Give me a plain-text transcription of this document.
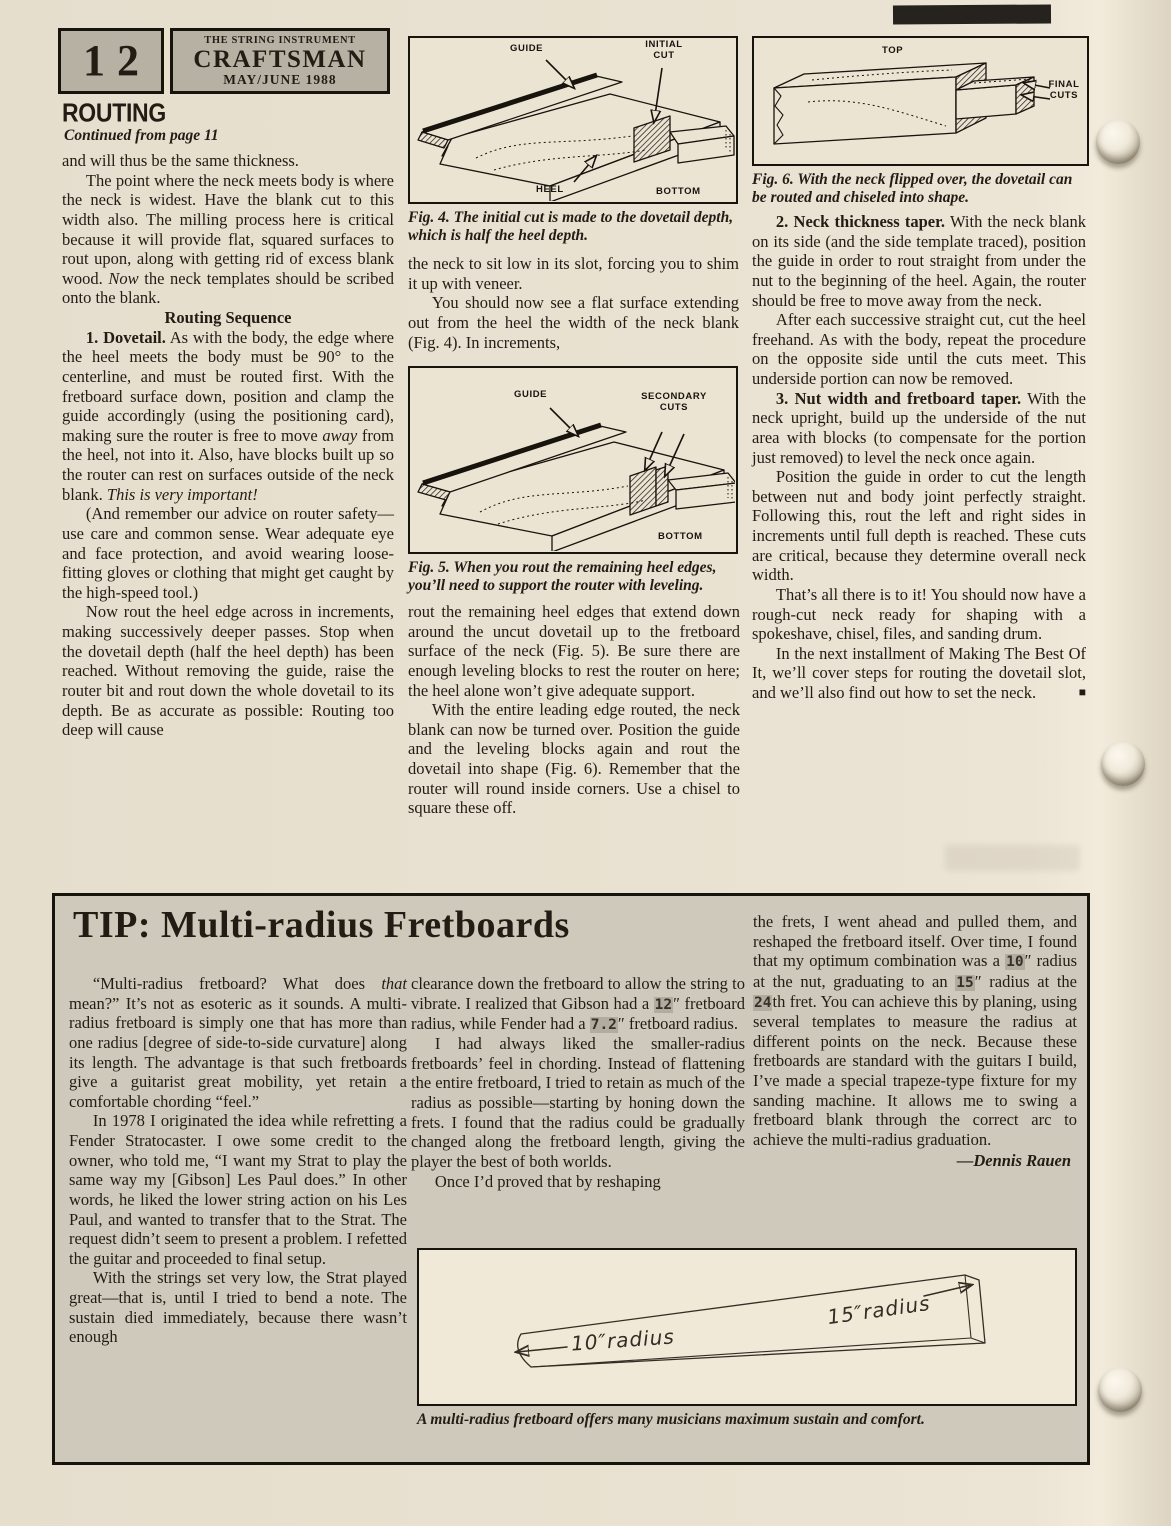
12	THE STRING INSTRUMENT
CRAFTSMAN
MAY/JUNE 1988
ROUTING
Continued from page 11

and will thus be the same thickness.

The point where the neck meets body is where the neck is widest. Have the blank cut to this width also. The milling process here is critical because it will provide flat, squared surfaces to rout upon, along with getting rid of excess blank wood. Now the neck templates should be scribed onto the blank.

Routing Sequence

1. Dovetail. As with the body, the edge where the heel meets the body must be 90° to the centerline, and must be routed first. With the fretboard surface down, position and clamp the guide accordingly (using the positioning card), making sure the router is free to move away from the heel, not into it. Also, have blocks built up so the router can rest on surfaces outside of the neck blank. This is very important!

(And remember our advice on router safety—use care and common sense. Wear adequate eye and face protection, and avoid wearing loose-fitting gloves or clothing that might get caught by the high-speed tool.)

Now rout the heel edge across in increments, making successively deeper passes. Stop when the dovetail depth (half the heel depth) has been reached. Without removing the guide, raise the router bit and rout down the whole dovetail to its depth. Be as accurate as possible: Routing too deep will cause

GUIDE	INITIAL CUT
HEEL	BOTTOM
Fig. 4. The initial cut is made to the dovetail depth, which is half the heel depth.

the neck to sit low in its slot, forcing you to shim it up with veneer.

You should now see a flat surface extending out from the heel the width of the neck blank (Fig. 4). In increments,

GUIDE	SECONDARY CUTS
BOTTOM
Fig. 5. When you rout the remaining heel edges, you’ll need to support the router with leveling.

rout the remaining heel edges that extend down around the uncut dovetail up to the fretboard surface of the neck (Fig. 5). Be sure there are enough leveling blocks to rest the router on here; the heel alone won’t give adequate support.

With the entire leading edge routed, the neck blank can now be turned over. Position the guide and the leveling blocks again and rout the dovetail into shape (Fig. 6). Remember that the router will round inside corners. Use a chisel to square these off.

TOP
FINAL CUTS
Fig. 6. With the neck flipped over, the dovetail can be routed and chiseled into shape.

2. Neck thickness taper. With the neck blank on its side (and the side template traced), position the guide in order to rout straight from under the nut to the beginning of the heel. Again, the router should be free to move away from the neck.

After each successive straight cut, cut the heel freehand. As with the body, repeat the procedure on the opposite side until the cuts meet. This underside portion can now be removed.

3. Nut width and fretboard taper. With the neck upright, build up the underside of the nut area with blocks (to compensate for the portion just removed) to level the neck once again.

Position the guide in order to cut the length between nut and body joint perfectly straight. Following this, rout the left and right sides in increments until full depth is reached. These cuts are critical, because they determine overall neck width.

That’s all there is to it! You should now have a rough-cut neck ready for shaping with a spokeshave, chisel, files, and sanding drum.

In the next installment of Making The Best Of It, we’ll cover steps for routing the dovetail slot, and we’ll also find out how to set the neck.	■

TIP: Multi-radius Fretboards

“Multi-radius fretboard? What does that mean?” It’s not as esoteric as it sounds. A multi-radius fretboard is simply one that has more than one radius [degree of side-to-side curvature] along its length. The advantage is that such fretboards give a guitarist great mobility, yet retain a comfortable chording “feel.”

In 1978 I originated the idea while refretting a Fender Stratocaster. I owe some credit to the owner, who told me, “I want my Strat to play the same way my [Gibson] Les Paul does.” In other words, he liked the lower string action on his Les Paul, and wanted to transfer that to the Strat. The request didn’t seem to present a problem. I refetted the guitar and proceeded to final setup.

With the strings set very low, the Strat played great—that is, until I tried to bend a note. The sustain died immediately, because there wasn’t enough

clearance down the fretboard to allow the string to vibrate. I realized that Gibson had a 12″ fretboard radius, while Fender had a 7.2″ fretboard radius.

I had always liked the smaller-radius fretboards’ feel in chording. Instead of flattening the entire fretboard, I tried to retain as much of the radius as possible—starting by honing down the frets. I found that the radius could be gradually changed along the fretboard length, giving the player the best of both worlds.

Once I’d proved that by reshaping

the frets, I went ahead and pulled them, and reshaped the fretboard itself. Over time, I found that my optimum combination was a 10″ radius at the nut, graduating to an 15″ radius at the 24th fret. You can achieve this by planing, using several templates to measure the radius at different points on the neck. Because these fretboards are standard with the guitars I build, I’ve made a special trapeze-type fixture for my sanding machine. It allows me to swing a fretboard blank through the correct arc to achieve the multi-radius graduation.

—Dennis Rauen
10″radius
15″radius
A multi-radius fretboard offers many musicians maximum sustain and comfort.
